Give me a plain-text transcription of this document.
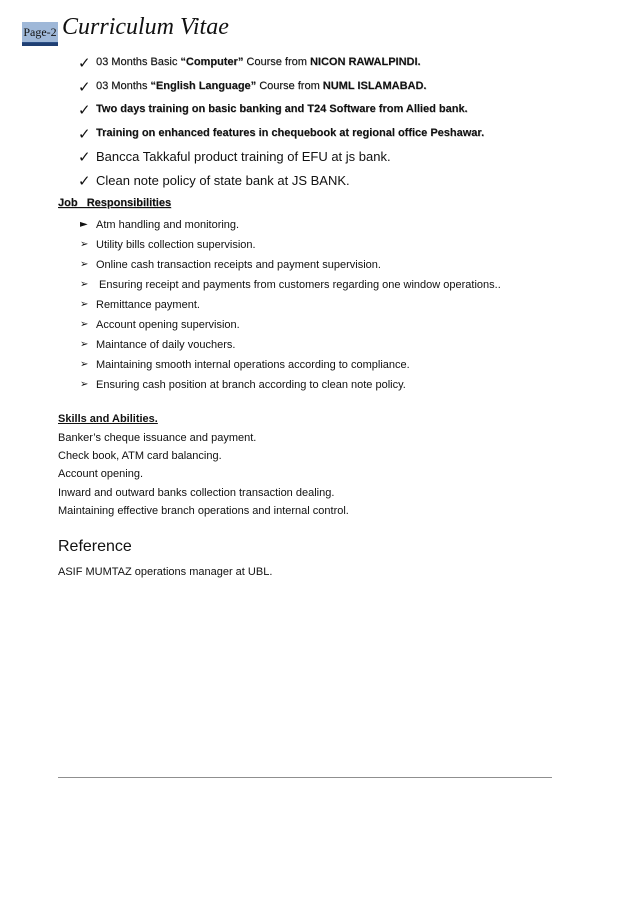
Page-2 Curriculum Vitae
✓ 03 Months Basic “Computer” Course from NICON RAWALPINDI.
✓ 03 Months “English Language” Course from NUML ISLAMABAD.
✓ Two days training on basic banking and T24 Software from Allied bank.
✓ Training on enhanced features in chequebook at regional office Peshawar.
✓ Bancca Takkaful product training of EFU at js bank.
✓ Clean note policy of state bank at JS BANK.
Job   Responsibilities
► Atm handling and monitoring.
➢ Utility bills collection supervision.
➢ Online cash transaction receipts and payment supervision.
➢ Ensuring receipt and payments from customers regarding one window operations..
➢ Remittance payment.
➢ Account opening supervision.
➢ Maintance of daily vouchers.
➢ Maintaining smooth internal operations according to compliance.
➢ Ensuring cash position at branch according to clean note policy.
Skills and Abilities.
Banker’s cheque issuance and payment.
Check book, ATM card balancing.
Account opening.
Inward and outward banks collection transaction dealing.
Maintaining effective branch operations and internal control.
Reference
ASIF MUMTAZ operations manager at UBL.
